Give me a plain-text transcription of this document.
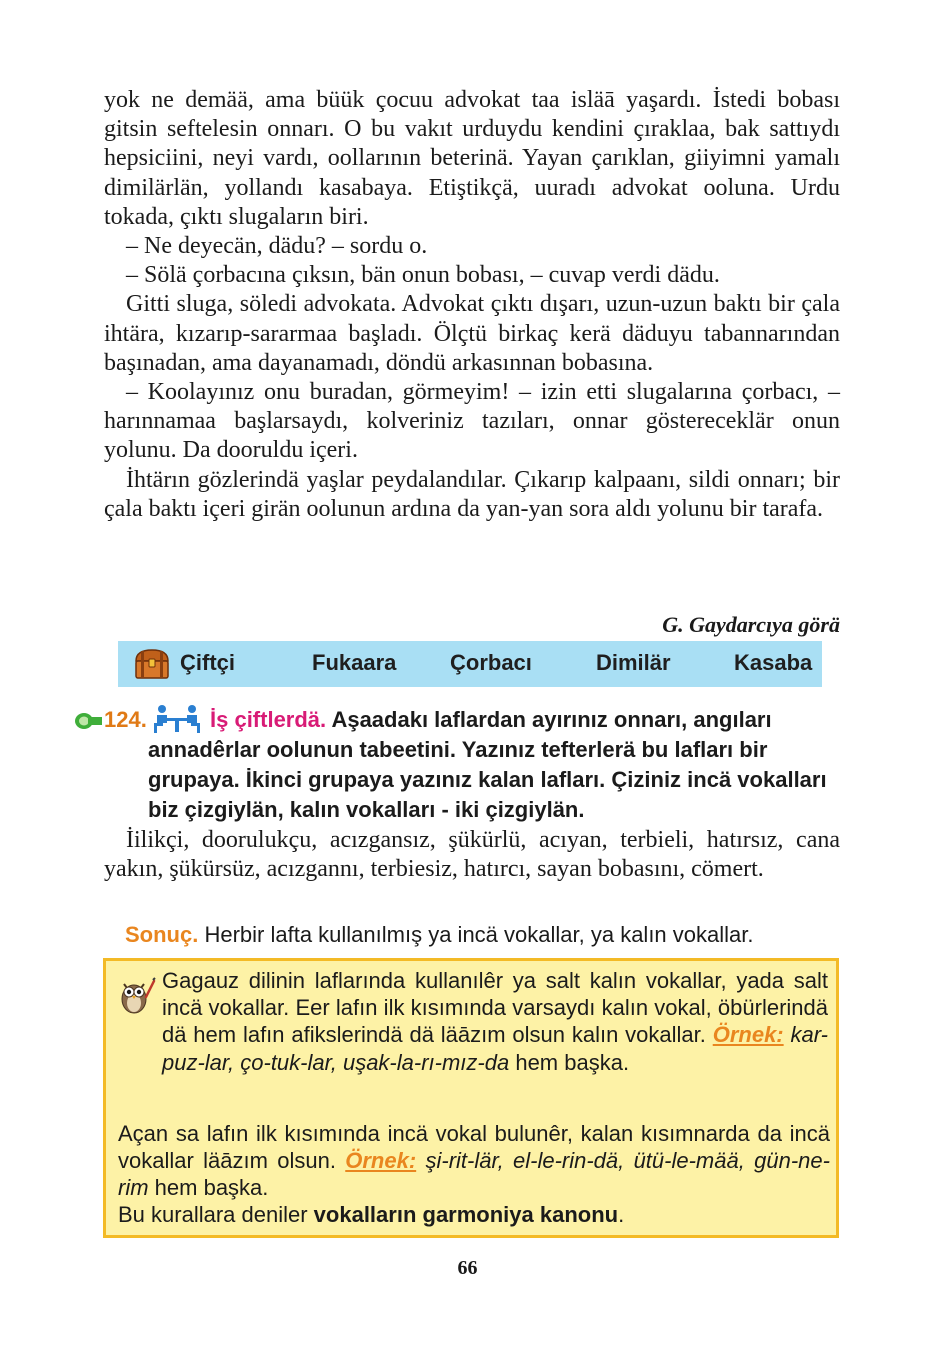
yok ne demää, ama büük çocuu advokat taa isläā yaşardı. İstedi bobası gitsin seftelesin onnarı. O bu vakıt urduydu kendini çıraklaa, bak sattıydı hepsiciini, neyi vardı, oollarının beterinä. Yayan çarıklan, giiyimni yamalı dimilärlän, yollandı kasabaya. Etiştikçä, uuradı advokat ooluna. Urdu tokada, çıktı slugaların biri.

– Ne deyecän, dädu? – sordu o.

– Sölä çorbacına çıksın, bän onun bobası, – cuvap verdi dädu.

Gitti sluga, söledi advokata. Advokat çıktı dışarı, uzun-uzun baktı bir çala ihtära, kızarıp-sararmaa başladı. Ölçtü birkaç kerä däduyu tabannarından başınadan, ama dayanamadı, döndü arkasınnan bobasına.

– Koolayınız onu buradan, görmeyim! – izin etti slugalarına çorbacı, – harınnamaa başlarsaydı, kolveriniz tazıları, onnar göstereceklär onun yolunu. Da dooruldu içeri.

İhtärın gözlerindä yaşlar peydalandılar. Çıkarıp kalpaanı, sildi onnarı; bir çala baktı içeri girän oolunun ardına da yan-yan sora aldı yolunu bir tarafa.

G. Gaydarcıya görä
Çiftçi	Fukaara Çorbacı	Dimilär	Kasaba
124.	İş çiftlerdä. Aşaadakı laflardan ayırınız onnarı, angıları annadêrlar oolunun tabeetini. Yazınız tefterlerä bu lafları bir grupaya. İkinci grupaya yazınız kalan lafları. Çiziniz incä vokalları biz çizgiylän, kalın vokalları - iki çizgiylän.

İilikçi, doorulukçu, acızgansız, şükürlü, acıyan, terbieli, hatırsız, cana yakın, şükürsüz, acızgannı, terbiesiz, hatırcı, sayan bobasını, cömert.

Sonuç. Herbir lafta kullanılmış ya incä vokallar, ya kalın vokallar.

Gagauz dilinin laflarında kullanılêr ya salt kalın vokallar, yada salt incä vokallar. Eer lafın ilk kısımında varsaydı kalın vokal, öbürlerindä dä hem lafın afikslerindä dä läāzım olsun kalın vokallar. Örnek: kar-puz-lar, ço-tuk-lar, uşak-la-rı-mız-da hem başka.

Açan sa lafın ilk kısımında incä vokal bulunêr, kalan kısımnarda da incä vokallar läāzım olsun. Örnek: şi-rit-lär, el-le-rin-dä, ütü-le-mää, gün-ne-rim hem başka.

Bu kurallara deniler vokalların garmoniya kanonu.

66
